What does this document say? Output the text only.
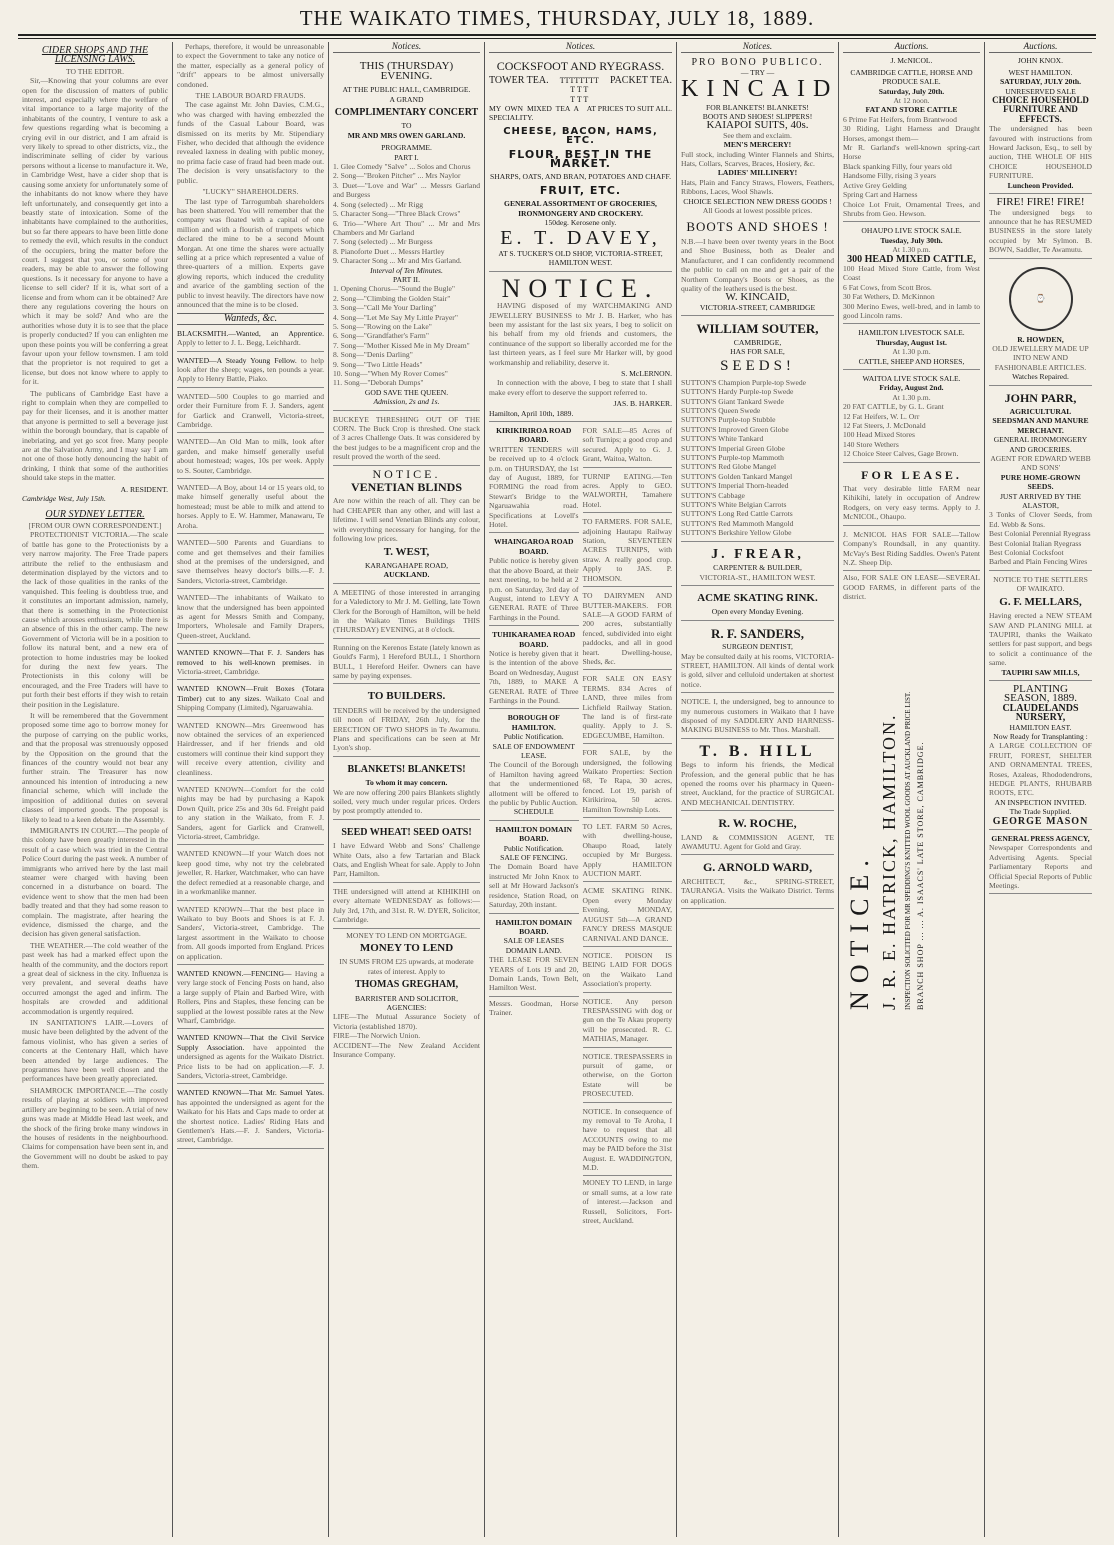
THE WAIKATO TIMES, THURSDAY, JULY 18, 1889.
CIDER SHOPS AND THE LICENSING LAWS.
TO THE EDITOR.

Sir,—Knowing that your columns are ever open for the discussion of matters of public interest, and especially where the welfare of vital importance to a large majority of the inhabitants of the country, I venture to ask a few questions regarding what is becoming a crying evil in our district, and I am afraid is very likely to spread to other districts, viz., the indiscriminate selling of cider by various persons without a license to manufacture it. We, in Cambridge West, have a cider shop that is causing some anxiety for unfortunately some of the inhabitants do not know where they have left unfortunately, and consequently get into a beastly state of intoxication. Some of the inhabitants have complained to the authorities, but so far there appears to have been little done to remedy the evil, which results in the conduct of the occupiers, bring the matter before the court. I suggest that you, or some of your readers, may be able to answer the following questions. Is it necessary for anyone to have a license to sell cider? If it is, what sort of a license and from whom can it be obtained? Are there any regulations covering the hours on which it may be sold? And who are the authorities whose duty it is to see that the place is properly conducted? If you can enlighten me upon these points you will be conferring a great favour upon your fellow townsmen. I am told that the proprietor is not required to get a license, but does not know where to apply to for it.

The publicans of Cambridge East have a right to complain when they are compelled to pay for their licenses, and it is another matter that anyone is permitted to sell a beverage just within the borough boundary, that is capable of inebriating, and yet go scot free. Many people are at the Salvation Army, and I may say I am not one of those hotly denouncing the habit of drinking, I think that some of the authorities should take steps in the matter.

A. RESIDENT.
Cambridge West, July 15th.
OUR SYDNEY LETTER.
[FROM OUR OWN CORRESPONDENT.]

PROTECTIONIST VICTORIA.—The scale of battle has gone to the Protectionists by a very narrow majority. The Free Trade papers attribute the relief to the enthusiasm and determination displayed by the victors and to the lack of those qualities in the ranks of the vanquished. This feeling is doubtless true, and it constitutes an important admission, namely, that there is something in the Protectionist cause which arouses enthusiasm, while there is an absence of this in the other camp. The new Government of Victoria will be in a position to follow its natural bent, and a new era of protection to home industries may be looked for during the next few years. The Protectionists in this colony will be encouraged, and the Free Traders will have to put forth their best efforts if they wish to retain their position in the Legislature.

It will be remembered that the Government proposed some time ago to borrow money for the purpose of carrying on the public works, and that the proposal was strenuously opposed by the Opposition on the ground that the finances of the country would not bear any further strain. The Treasurer has now announced his intention of introducing a new financial scheme, which will include the imposition of additional duties on several classes of imported goods. The proposal is likely to lead to a keen debate in the Assembly.

IMMIGRANTS IN COURT.—The people of this colony have been greatly interested in the result of a case which was tried in the Central Police Court during the past week. A number of immigrants who arrived here by the last mail steamer were charged with having been concerned in a disturbance on board. The evidence went to show that the men had been badly treated and that they had some reason to complain. The magistrate, after hearing the evidence, dismissed the charge, and the decision has given general satisfaction.

THE WEATHER.—The cold weather of the past week has had a marked effect upon the health of the community, and the doctors report a great deal of sickness in the city. Influenza is very prevalent, and several deaths have occurred amongst the aged and infirm. The hospitals are crowded and additional accommodation is urgently required.

IN SANITATION'S LAIR.—Lovers of music have been delighted by the advent of the famous violinist, who has given a series of concerts at the Centenary Hall, which have been attended by large audiences. The programmes have been well chosen and the performances have been greatly appreciated.

SHAMROCK IMPORTANCE.—The costly results of playing at soldiers with improved artillery are beginning to be seen. A trial of new guns was made at Middle Head last week, and the shock of the firing broke many windows in the houses of residents in the neighbourhood. Claims for compensation have been sent in, and the Government will no doubt be asked to pay them.

Perhaps, therefore, it would be unreasonable to expect the Government to take any notice of the matter, especially as a general policy of "drift" appears to be almost universally condoned.

THE LABOUR BOARD FRAUDS.

The case against Mr. John Davies, C.M.G., who was charged with having embezzled the funds of the Casual Labour Board, was dismissed on its merits by Mr. Stipendiary Fisher, who decided that although the evidence revealed laxness in dealing with public money, no prima facie case of fraud had been made out. The decision is very unsatisfactory to the public.

"LUCKY" SHAREHOLDERS.

The last type of Tarrogumbah shareholders has been shattered. You will remember that the company was floated with a capital of one million and with a flourish of trumpets which declared the mine to be a second Mount Morgan. At one time the shares were actually selling at a price which represented a value of three-quarters of a million. Experts gave glowing reports, which induced the credulity and avarice of the gambling section of the public to invest heavily. The directors have now announced that the mine is to be closed.

Wanteds, &c.
BLACKSMITH.—Wanted, an Apprentice. Apply to letter to J. L. Begg, Leichhardt.
WANTED—A Steady Young Fellow. to help look after the sheep; wages, ten pounds a year. Apply to Henry Battle, Piako.
WANTED—500 Couples to go married and order their Furniture from F. J. Sanders, agent for Garlick and Cranwell, Victoria-street, Cambridge.
WANTED—An Old Man to milk, look after garden, and make himself generally useful about homestead; wages, 10s per week. Apply to S. Souter, Cambridge.
WANTED—A Boy, about 14 or 15 years old, to make himself generally useful about the homestead; must be able to milk and attend to horses. Apply to E. W. Hammer, Manawaru, Te Aroha.
WANTED—500 Parents and Guardians to come and get themselves and their families shod at the premises of the undersigned, and save themselves heavy doctor's bills.—F. J. Sanders, Victoria-street, Cambridge.
WANTED—The inhabitants of Waikato to know that the undersigned has been appointed as agent for Messrs Smith and Company, Importers, Wholesale and Family Drapers, Queen-street, Auckland.
WANTED KNOWN—That F. J. Sanders has removed to his well-known premises. in Victoria-street, Cambridge.
WANTED KNOWN—Fruit Boxes (Totara Timber) cut to any sizes. Waikato Coal and Shipping Company (Limited), Ngaruawahia.
WANTED KNOWN—Mrs Greenwood has now obtained the services of an experienced Hairdresser, and if her friends and old customers will continue their kind support they will receive every attention, civility and cleanliness.
WANTED KNOWN—Comfort for the cold nights may be had by purchasing a Kapok Down Quilt, price 25s and 30s 6d. Freight paid to any station in the Waikato, from F. J. Sanders, agent for Garlick and Cranwell, Victoria-street, Cambridge.
WANTED KNOWN—If your Watch does not keep good time, why not try the celebrated jeweller, R. Harker, Watchmaker, who can have the defect remedied at a reasonable charge, and in a workmanlike manner.
WANTED KNOWN—That the best place in Waikato to buy Boots and Shoes is at F. J. Sanders', Victoria-street, Cambridge. The largest assortment in the Waikato to choose from. All goods imported from England. Prices on application.
WANTED KNOWN.—FENCING— Having a very large stock of Fencing Posts on hand, also a large supply of Plain and Barbed Wire, with Rollers, Pins and Staples, these fencing can be supplied at the lowest possible rates at the New Wharf, Cambridge.
WANTED KNOWN—That the Civil Service Supply Association. have appointed the undersigned as agents for the Waikato District. Price lists to be had on application.—F. J. Sanders, Victoria-street, Cambridge.
WANTED KNOWN—That Mr. Samuel Yates. has appointed the undersigned as agent for the Waikato for his Hats and Caps made to order at the shortest notice. Ladies' Riding Hats and Gentlemen's Hats.—F. J. Sanders, Victoria-street, Cambridge.
Notices.
THIS (THURSDAY) EVENING.
AT THE PUBLIC HALL, CAMBRIDGE.
A GRAND
COMPLIMENTARY CONCERT
TO
MR AND MRS OWEN GARLAND.
PROGRAMME.
PART I.
1. Glee Comedy "Salve" ... Solos and Chorus
2. Song—"Broken Pitcher" ... Mrs Naylor
3. Duet—"Love and War" ... Messrs Garland and Burgess
4. Song (selected) ... Mr Rigg
5. Character Song—"Three Black Crows"
6. Trio—"Where Art Thou" ... Mr and Mrs Chambers and Mr Garland
7. Song (selected) ... Mr Burgess
8. Pianoforte Duet ... Messrs Hartley
9. Character Song ... Mr and Mrs Garland.
Interval of Ten Minutes.
PART II.
1. Opening Chorus—"Sound the Bugle"
2. Song—"Climbing the Golden Stair"
3. Song—"Call Me Your Darling"
4. Song—"Let Me Say My Little Prayer"
5. Song—"Rowing on the Lake"
6. Song—"Grandfather's Farm"
7. Song—"Mother Kissed Me in My Dream"
8. Song—"Denis Darling"
9. Song—"Two Little Heads"
10. Song—"When My Rover Comes"
11. Song—"Deborah Dumps"
GOD SAVE THE QUEEN.
Admission, 2s and 1s.
BUCKEYE THRESHING OUT OF THE CORN. The Buck Crop is threshed. One stack of 3 acres Challenge Oats. It was considered by the best judges to be a magnificent crop and the result proved the worth of the seed.
NOTICE.
VENETIAN BLINDS
Are now within the reach of all. They can be had CHEAPER than any other, and will last a lifetime. I will send Venetian Blinds any colour, with everything necessary for hanging, for the following low prices.
T. WEST,
KARANGAHAPE ROAD,
AUCKLAND.
A MEETING of those interested in arranging for a Valedictory to Mr J. M. Gelling, late Town Clerk for the Borough of Hamilton, will be held in the Waikato Times Buildings THIS (THURSDAY) EVENING, at 8 o'clock.
Running on the Kerenos Estate (lately known as Gould's Farm), 1 Hereford BULL, 1 Shorthorn BULL, 1 Hereford Heifer. Owners can have same by paying expenses.
TO BUILDERS.
TENDERS will be received by the undersigned till noon of FRIDAY, 26th July, for the ERECTION OF TWO SHOPS in Te Awamutu. Plans and specifications can be seen at Mr Lyon's shop.
BLANKETS! BLANKETS!
To whom it may concern.
We are now offering 200 pairs Blankets slightly soiled, very much under regular prices. Orders by post promptly attended to.
SEED WHEAT! SEED OATS!
I have Edward Webb and Sons' Challenge White Oats, also a few Tartarian and Black Oats, and English Wheat for sale. Apply to John Parr, Hamilton.
THE undersigned will attend at KIHIKIHI on every alternate WEDNESDAY as follows:—July 3rd, 17th, and 31st. R. W. DYER, Solicitor, Cambridge.
MONEY TO LEND ON MORTGAGE.
MONEY TO LEND
IN SUMS FROM £25 upwards, at moderate rates of interest. Apply to
THOMAS GREGHAM,
BARRISTER AND SOLICITOR,
AGENCIES:
LIFE—The Mutual Assurance Society of Victoria (established 1870).
FIRE—The Norwich Union.
ACCIDENT—The New Zealand Accident Insurance Company.
Notices.
COCKSFOOT AND RYEGRASS.
TOWER TEA. TTTTTTTT
T T T
T T T
PACKET TEA.
MY OWN MIXED TEA A SPECIALITY.
AT PRICES TO SUIT ALL.
CHEESE, BACON, HAMS, ETC.
FLOUR, BEST IN THE MARKET.
SHARPS, OATS, AND BRAN, POTATOES AND CHAFF.
FRUIT, ETC.
GENERAL ASSORTMENT OF GROCERIES, IRONMONGERY AND CROCKERY.
150deg. Kerosene only.
E. T. DAVEY,
AT S. TUCKER'S OLD SHOP, VICTORIA-STREET, HAMILTON WEST.
NOTICE.

HAVING disposed of my WATCHMAKING AND JEWELLERY BUSINESS to Mr J. B. Harker, who has been my assistant for the last six years, I beg to solicit on his behalf from my old friends and customers, the continuance of the support so liberally accorded me for the last thirteen years, as I feel sure Mr Harker will, by good workmanship and reliability, deserve it.

S. McLERNON.

In connection with the above, I beg to state that I shall make every effort to deserve the support referred to.

JAS. B. HARKER.
Hamilton, April 10th, 1889.
KIRIKIRIROA ROAD BOARD.
WRITTEN TENDERS will be received up to 4 o'clock p.m. on THURSDAY, the 1st day of August, 1889, for FORMING the road from Stewart's Bridge to the Ngaruawahia road. Specifications at Lovell's Hotel.
WHAINGAROA ROAD BOARD.
Public notice is hereby given that the above Board, at their next meeting, to be held at 2 p.m. on Saturday, 3rd day of August, intend to LEVY A GENERAL RATE of Three Farthings in the Pound.
TUHIKARAMEA ROAD BOARD.
Notice is hereby given that it is the intention of the above Board on Wednesday, August 7th, 1889, to MAKE A GENERAL RATE of Three Farthings in the Pound.
BOROUGH OF HAMILTON.
Public Notification.
SALE OF ENDOWMENT LEASE.
The Council of the Borough of Hamilton having agreed that the undermentioned allotment will be offered to the public by Public Auction.
SCHEDULE
HAMILTON DOMAIN BOARD.
Public Notification.
SALE OF FENCING.
The Domain Board have instructed Mr John Knox to sell at Mr Howard Jackson's residence, Station Road, on Saturday, 20th instant.
HAMILTON DOMAIN BOARD.
SALE OF LEASES DOMAIN LAND.
THE LEASE FOR SEVEN YEARS of Lots 19 and 20, Domain Lands, Town Belt, Hamilton West.
Messrs. Goodman, Horse Trainer.
FOR SALE—85 Acres of soft Turnips; a good crop and secured. Apply to G. J. Grant, Waitoa, Walton.
TURNIP EATING.—Ten acres. Apply to GEO. WALWORTH, Tamahere Hotel.
TO FARMERS. FOR SALE, adjoining Hautapu Railway Station, SEVENTEEN ACRES TURNIPS, with straw. A really good crop. Apply to JAS. P. THOMSON.
TO DAIRYMEN AND BUTTER-MAKERS. FOR SALE—A GOOD FARM of 200 acres, substantially fenced, subdivided into eight paddocks, and all in good heart. Dwelling-house, Sheds, &c.
FOR SALE ON EASY TERMS. 834 Acres of LAND, three miles from Lichfield Railway Station. The land is of first-rate quality. Apply to J. S. EDGECUMBE, Hamilton.
FOR SALE, by the undersigned, the following Waikato Properties: Section 68, Te Rapa, 30 acres, fenced. Lot 19, parish of Kirikiriroa, 50 acres. Hamilton Township Lots.
TO LET. FARM 50 Acres, with dwelling-house, Ohaupo Road, lately occupied by Mr Burgess. Apply HAMILTON AUCTION MART.
ACME SKATING RINK. Open every Monday Evening. MONDAY, AUGUST 5th—A GRAND FANCY DRESS MASQUE CARNIVAL AND DANCE.
NOTICE. POISON IS BEING LAID FOR DOGS on the Waikato Land Association's property.
NOTICE. Any person TRESPASSING with dog or gun on the Te Akau property will be prosecuted. R. C. MATHIAS, Manager.
NOTICE. TRESPASSERS in pursuit of game, or otherwise, on the Gorton Estate will be PROSECUTED.
NOTICE. In consequence of my removal to Te Aroha, I have to request that all ACCOUNTS owing to me may be PAID before the 31st August. E. WADDINGTON, M.D.
MONEY TO LEND, in large or small sums, at a low rate of interest.—Jackson and Russell, Solicitors, Fort-street, Auckland.
Notices.
PRO BONO PUBLICO.
— TRY —
KINCAID
FOR BLANKETS! BLANKETS!
BOOTS AND SHOES! SLIPPERS!
KAIAPOI SUITS, 40s.
See them and exclaim.
MEN'S MERCERY!
Full stock, including Winter Flannels and Shirts, Hats, Collars, Scarves, Braces, Hosiery, &c.
LADIES' MILLINERY!
Hats, Plain and Fancy Straws, Flowers, Feathers, Ribbons, Laces, Wool Shawls.
CHOICE SELECTION NEW DRESS GOODS !
All Goods at lowest possible prices.
BOOTS AND SHOES !
N.B.—I have been over twenty years in the Boot and Shoe Business, both as Dealer and Manufacturer, and I can confidently recommend the public to call on me and get a pair of the Northern Company's Boots or Shoes, as the quality of the leathers used is the best.
W. KINCAID,
VICTORIA-STREET, CAMBRIDGE
WILLIAM SOUTER,
CAMBRIDGE,
HAS FOR SALE,
SEEDS!
SUTTON'S Champion Purple-top Swede
SUTTON'S Hardy Purple-top Swede
SUTTON'S Giant Tankard Swede
SUTTON'S Queen Swede
SUTTON'S Purple-top Stubble
SUTTON'S Improved Green Globe
SUTTON'S White Tankard
SUTTON'S Imperial Green Globe
SUTTON'S Purple-top Mammoth
SUTTON'S Red Globe Mangel
SUTTON'S Golden Tankard Mangel
SUTTON'S Imperial Thorn-headed
SUTTON'S Cabbage
SUTTON'S White Belgian Carrots
SUTTON'S Long Red Cattle Carrots
SUTTON'S Red Mammoth Mangold
SUTTON'S Berkshire Yellow Globe
J. FREAR,
CARPENTER & BUILDER,
VICTORIA-ST., HAMILTON WEST.
ACME SKATING RINK.
Open every Monday Evening.
R. F. SANDERS,
SURGEON DENTIST,
May be consulted daily at his rooms, VICTORIA-STREET, HAMILTON. All kinds of dental work is gold, silver and celluloid undertaken at shortest notice.
NOTICE. I, the undersigned, beg to announce to my numerous customers in Waikato that I have disposed of my SADDLERY AND HARNESS-MAKING BUSINESS to Mr. Thos. Marshall.
T. B. HILL
Begs to inform his friends, the Medical Profession, and the general public that he has opened the rooms over his pharmacy in Queen-street, Auckland, for the practice of SURGICAL AND MECHANICAL DENTISTRY.
R. W. ROCHE,
LAND & COMMISSION AGENT, TE AWAMUTU. Agent for Gold and Gray.
G. ARNOLD WARD,
ARCHITECT, &c., SPRING-STREET, TAURANGA. Visits the Waikato District. Terms on application.
Auctions.
J. McNICOL.
CAMBRIDGE CATTLE, HORSE AND PRODUCE SALE.
Saturday, July 20th.
At 12 noon.
FAT AND STORE CATTLE
6 Prime Fat Heifers, from Brantwood
30 Riding, Light Harness and Draught Horses, amongst them—
Mr R. Garland's well-known spring-cart Horse
Black spanking Filly, four years old
Handsome Filly, rising 3 years
Active Grey Gelding
Spring Cart and Harness
Choice Lot Fruit, Ornamental Trees, and Shrubs from Geo. Hewson.
OHAUPO LIVE STOCK SALE.
Tuesday, July 30th.
At 1.30 p.m.
300 HEAD MIXED CATTLE,
100 Head Mixed Store Cattle, from West Coast
6 Fat Cows, from Scott Bros.
30 Fat Wethers, D. McKinnon
300 Merino Ewes, well-bred, and in lamb to good Lincoln rams.
HAMILTON LIVESTOCK SALE.
Thursday, August 1st.
At 1.30 p.m.
CATTLE, SHEEP AND HORSES,
WAITOA LIVE STOCK SALE.
Friday, August 2nd.
At 1.30 p.m.
20 FAT CATTLE, by G. L. Grant
12 Fat Heifers, W. L. Orr
12 Fat Steers, J. McDonald
100 Head Mixed Stores
140 Store Wethers
12 Choice Steer Calves, Gage Brown.
FOR LEASE.
That very desirable little FARM near Kihikihi, lately in occupation of Andrew Rodgers, on very easy terms. Apply to J. McNICOL, Ohaupo.
J. McNICOL HAS FOR SALE—Tallow Company's Roundsall, in any quantity. McVay's Best Riding Saddles. Owen's Patent N.Z. Sheep Dip.
Also, FOR SALE ON LEASE—SEVERAL GOOD FARMS, in different parts of the district.
NOTICE. J. R. E. HATRICK, HAMILTON. INSPECTION SOLICITED FOR MR SPEDDING'S KNITTED WOOL GOODS AT AUCKLAND PRICE LIST. BRANCH SHOP ... ... A. ISAACS' LATE STORE, CAMBRIDGE.
Auctions.
JOHN KNOX.
WEST HAMILTON.
SATURDAY, JULY 20th.
UNRESERVED SALE
CHOICE HOUSEHOLD FURNITURE AND EFFECTS.
The undersigned has been favoured with instructions from Howard Jackson, Esq., to sell by auction, THE WHOLE OF HIS CHOICE HOUSEHOLD FURNITURE.
Luncheon Provided.
FIRE! FIRE! FIRE!
The undersigned begs to announce that he has RESUMED BUSINESS in the store lately occupied by Mr Sylmon. B. BOWN, Saddler, Te Awamutu.
⌚
R. HOWDEN,
OLD JEWELLERY MADE UP INTO NEW AND FASHIONABLE ARTICLES.
Watches Repaired.
JOHN PARR,
AGRICULTURAL SEEDSMAN AND MANURE MERCHANT.
GENERAL IRONMONGERY AND GROCERIES.
AGENT FOR EDWARD WEBB AND SONS'
PURE HOME-GROWN SEEDS.
JUST ARRIVED BY THE ALASTOR,
3 Tonks of Clover Seeds, from Ed. Webb & Sons.
Best Colonial Perennial Ryegrass
Best Colonial Italian Ryegrass
Best Colonial Cocksfoot
Barbed and Plain Fencing Wires
NOTICE TO THE SETTLERS OF WAIKATO.
G. F. MELLARS,
Having erected a NEW STEAM SAW AND PLANING MILL at TAUPIRI, thanks the Waikato settlers for past support, and begs to solicit a continuance of the same.
TAUPIRI SAW MILLS,
PLANTING SEASON, 1889.
CLAUDELANDS NURSERY,
HAMILTON EAST.
Now Ready for Transplanting :
A LARGE COLLECTION OF FRUIT, FOREST, SHELTER AND ORNAMENTAL TREES, Roses, Azaleas, Rhododendrons, HEDGE PLANTS, RHUBARB ROOTS, ETC.
AN INSPECTION INVITED.
The Trade Supplied.
GEORGE MASON
GENERAL PRESS AGENCY,
Newspaper Correspondents and Advertising Agents. Special Parliamentary Reports and Official Special Reports of Public Meetings.
